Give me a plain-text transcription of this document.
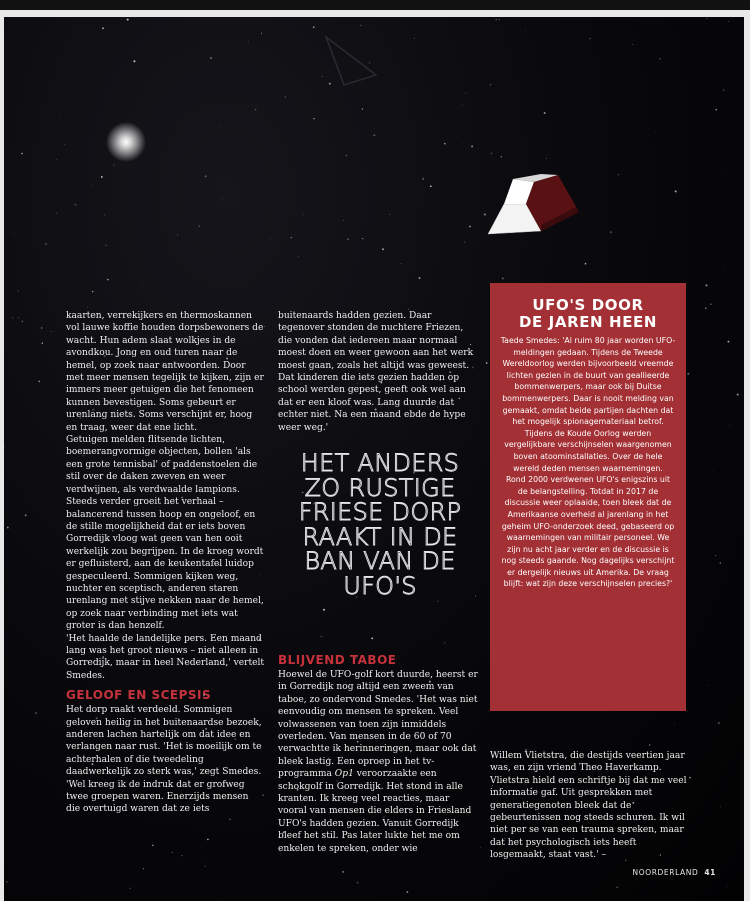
kaarten, verrekijkers en thermoskannen vol lauwe koffie houden dorpsbewoners de wacht. Hun adem slaat wolkjes in de avondkou. Jong en oud turen naar de hemel, op zoek naar antwoorden. Door met meer mensen tegelijk te kijken, zijn er immers meer getuigen die het fenomeen kunnen bevestigen. Soms gebeurt er urenlang niets. Soms verschijnt er, hoog en traag, weer dat ene licht.

Getuigen melden flitsende lichten, boemerangvormige objecten, bollen 'als een grote tennisbal' of paddenstoelen die stil over de daken zweven en weer verdwijnen, als verdwaalde lampions. Steeds verder groeit het verhaal – balancerend tussen hoop en ongeloof, en de stille mogelijkheid dat er iets boven Gorredijk vloog wat geen van hen ooit werkelijk zou begrijpen. In de kroeg wordt er gefluisterd, aan de keukentafel luidop gespeculeerd. Sommigen kijken weg, nuchter en sceptisch, anderen staren urenlang met stijve nekken naar de hemel, op zoek naar verbinding met iets wat groter is dan henzelf.

'Het haalde de landelijke pers. Een maand lang was het groot nieuws – niet alleen in Gorredijk, maar in heel Nederland,' vertelt Smedes.

GELOOF EN SCEPSIS

Het dorp raakt verdeeld. Sommigen geloven heilig in het buitenaardse bezoek, anderen lachen hartelijk om dat idee en verlangen naar rust. 'Het is moeilijk om te achterhalen of die tweedeling daadwerkelijk zo sterk was,' zegt Smedes. 'Wel kreeg ik de indruk dat er grofweg twee groepen waren. Enerzijds mensen die overtuigd waren dat ze iets

buitenaards hadden gezien. Daar tegenover stonden de nuchtere Friezen, die vonden dat iedereen maar normaal moest doen en weer gewoon aan het werk moest gaan, zoals het altijd was geweest. Dat kinderen die iets gezien hadden op school werden gepest, geeft ook wel aan dat er een kloof was. Lang duurde dat echter niet. Na een maand ebde de hype weer weg.'

HET ANDERS ZO RUSTIGE FRIESE DORP RAAKT IN DE BAN VAN DE UFO'S
BLIJVEND TABOE

Hoewel de UFO-golf kort duurde, heerst er in Gorredijk nog altijd een zweem van taboe, zo ondervond Smedes. 'Het was niet eenvoudig om mensen te spreken. Veel volwassenen van toen zijn inmiddels overleden. Van mensen in de 60 of 70 verwachtte ik herinneringen, maar ook dat bleek lastig. Een oproep in het tv-programma Op1 veroorzaakte een schokgolf in Gorredijk. Het stond in alle kranten. Ik kreeg veel reacties, maar vooral van mensen die elders in Friesland UFO's hadden gezien. Vanuit Gorredijk bleef het stil. Pas later lukte het me om enkelen te spreken, onder wie

UFO'S DOOR
DE JAREN HEEN
Taede Smedes: 'Al ruim 80 jaar worden UFO-meldingen gedaan. Tijdens de Tweede Wereldoorlog werden bijvoorbeeld vreemde lichten gezien in de buurt van geallieerde bommenwerpers, maar ook bij Duitse bommenwerpers. Daar is nooit melding van gemaakt, omdat beide partijen dachten dat het mogelijk spionagemateriaal betrof. Tijdens de Koude Oorlog werden vergelijkbare verschijnselen waargenomen boven atoominstallaties. Over de hele wereld deden mensen waarnemingen.
Rond 2000 verdwenen UFO's enigszins uit de belangstelling. Totdat in 2017 de discussie weer oplaaide, toen bleek dat de Amerikaanse overheid al jarenlang in het geheim UFO-onderzoek deed, gebaseerd op waarnemingen van militair personeel. We zijn nu acht jaar verder en de discussie is nog steeds gaande. Nog dagelijks verschijnt er dergelijk nieuws uit Amerika. De vraag blijft: wat zijn deze verschijnselen precies?'

Willem Vlietstra, die destijds veertien jaar was, en zijn vriend Theo Haverkamp. Vlietstra hield een schriftje bij dat me veel informatie gaf. Uit gesprekken met generatiegenoten bleek dat de gebeurtenissen nog steeds schuren. Ik wil niet per se van een trauma spreken, maar dat het psychologisch iets heeft losgemaakt, staat vast.' –

NOORDERLAND 41
